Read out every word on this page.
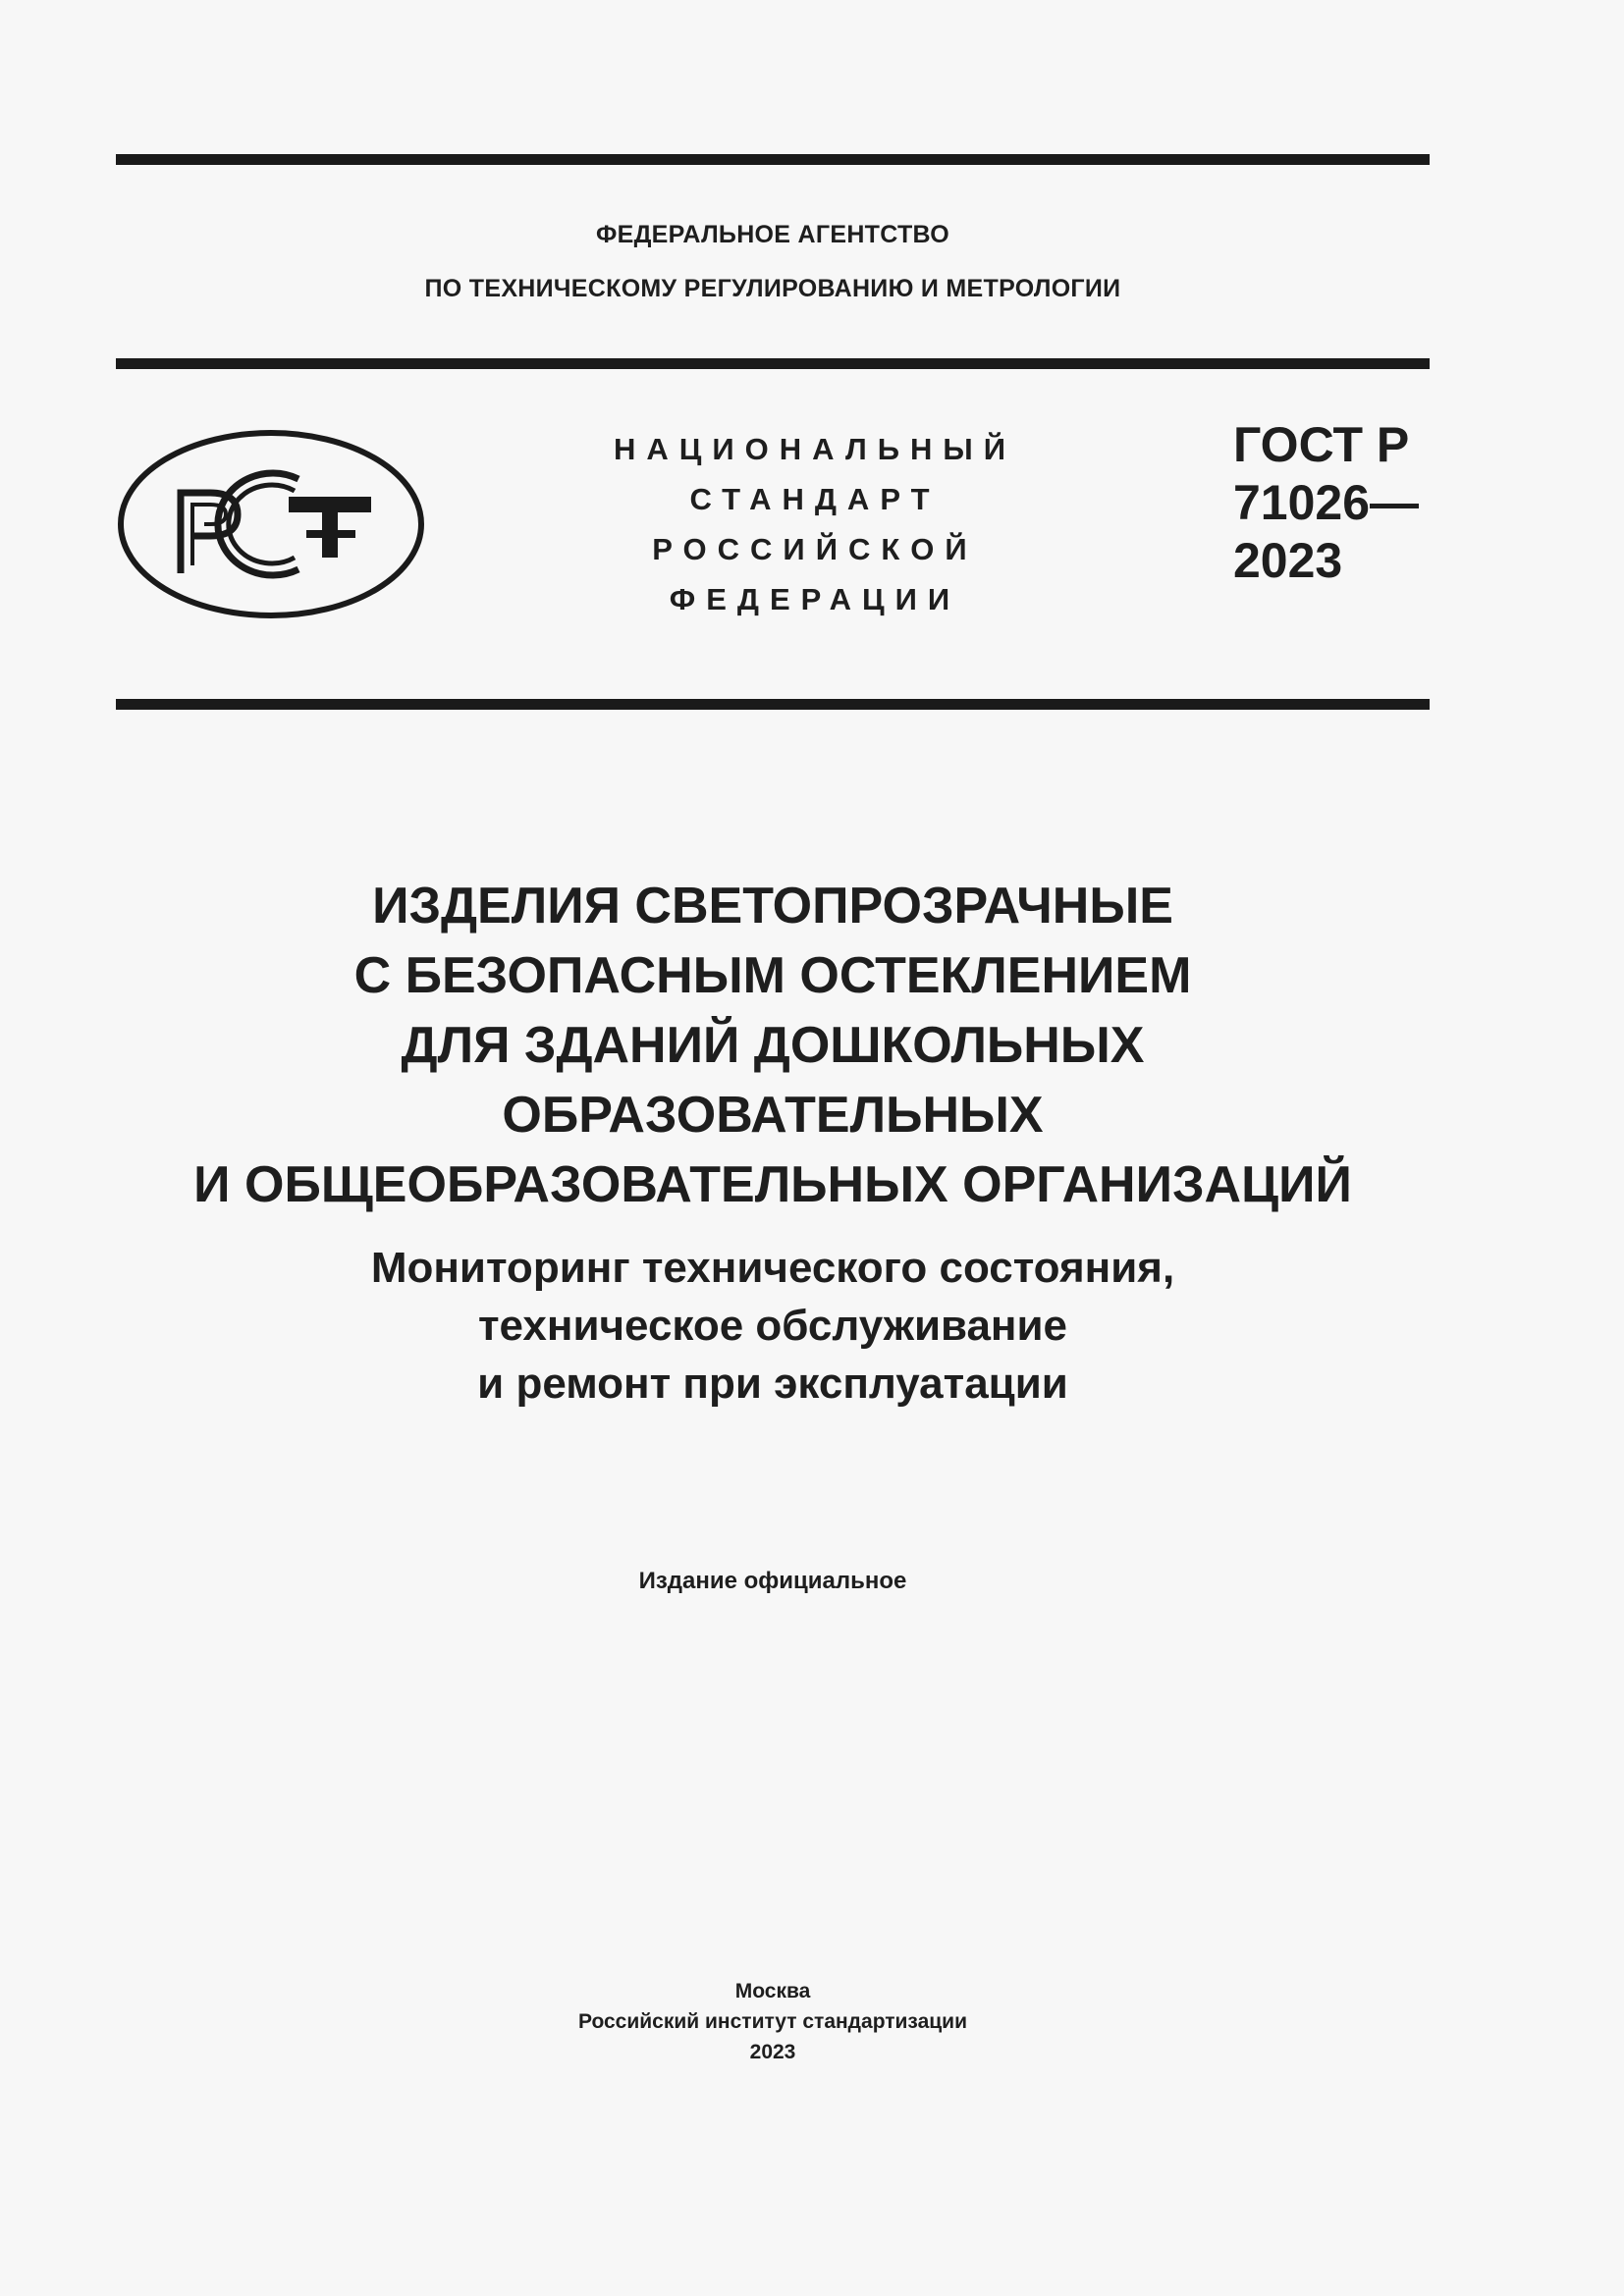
ФЕДЕРАЛЬНОЕ АГЕНТСТВО
ПО ТЕХНИЧЕСКОМУ РЕГУЛИРОВАНИЮ И МЕТРОЛОГИИ
НАЦИОНАЛЬНЫЙ
СТАНДАРТ
РОССИЙСКОЙ
ФЕДЕРАЦИИ
ГОСТ Р
71026—
2023
ИЗДЕЛИЯ СВЕТОПРОЗРАЧНЫЕ
С БЕЗОПАСНЫМ ОСТЕКЛЕНИЕМ
ДЛЯ ЗДАНИЙ ДОШКОЛЬНЫХ
ОБРАЗОВАТЕЛЬНЫХ
И ОБЩЕОБРАЗОВАТЕЛЬНЫХ ОРГАНИЗАЦИЙ
Мониторинг технического состояния,
техническое обслуживание
и ремонт при эксплуатации
Издание официальное
Москва
Российский институт стандартизации
2023
